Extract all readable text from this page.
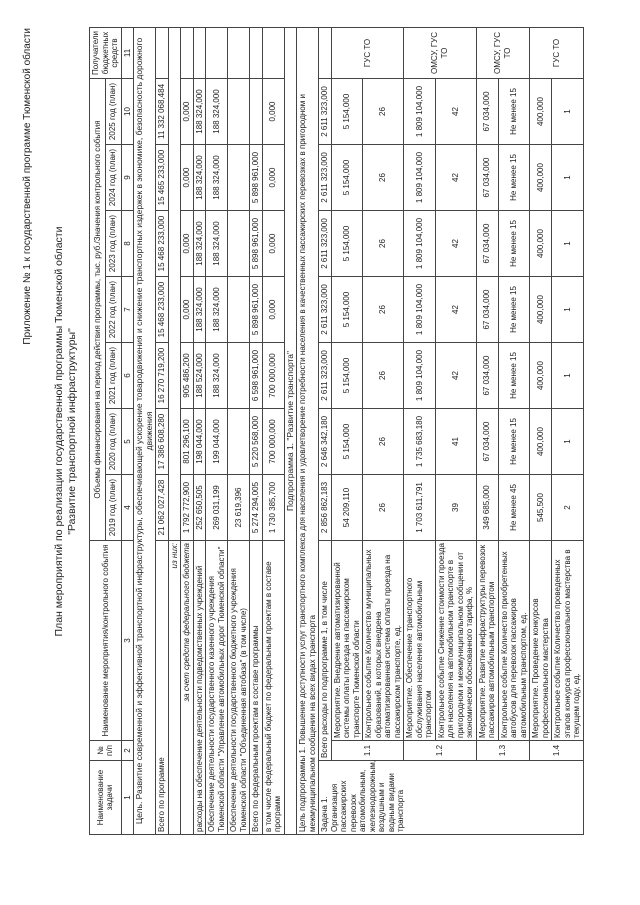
Приложение № 1 к государственной программе Тюменской области
План мероприятий по реализации государственной программы Тюменской области "Развитие транспортной инфраструктуры"
Наименование задачи	№ п/п	Наименование мероприятия/контрольного события	Объемы финансирования на период действия программы, тыс. руб./Значения контрольного события							Получатели бюджетных средств
			2019 год (план)	2020 год (план)	2021 год (план)	2022 год (план)	2023 год (план)	2024 год (план)	2025 год (план)	
1	2	3	4	5	6	7	8	9	10	11
Цель. Развитие современной и эффективной транспортной инфраструктуры, обеспечивающей ускорение товародвижения и снижение транспортных издержек в экономике, безопасность дорожного движения										
Всего по программе			21 062 027,428	17 386 608,280	16 270 719,200	15 468 233,000	15 468 233,000	15 465 233,000	11 332 068,484	
из них:										
за счет средств федерального бюджета			1 792 772,900	801 296,100	905 486,200	0,000	0,000	0,000	0,000	
расходы на обеспечение деятельности подведомственных учреждений			252 650,505	198 044,000	188 524,000	188 324,000	188 324,000	188 324,000	188 324,000	
Обеспечение деятельности государственного казенного учреждения Тюменской области "Управление автомобильных дорог Тюменской области"			269 031,199	199 044,000	188 324,000	188 324,000	188 324,000	188 324,000	188 324,000	
Обеспечение деятельности государственного бюджетного учреждения Тюменской области "Объединенная автобаза" (в том числе)			23 619,396							
Всего по федеральным проектам в составе программы			5 274 294,005	5 220 568,000	6 598 961,000	5 898 961,000	5 898 961,000	5 898 961,000		
в том числе федеральный бюджет по федеральным проектам в составе программ			1 730 385,700	700 000,000	700 000,000	0,000	0,000	0,000	0,000	
Подпрограмма 1. "Развитие транспорта"										
Цель подпрограммы 1. Повышение доступности услуг транспортного комплекса для населения и удовлетворение потребности населения в качественных пассажирских перевозках в пригородном и межмуниципальном сообщении на всех видах транспорта										
Задача 1. Организация пассажирских перевозок автомобильным, железнодорожным, воздушным и водным видами транспорта	Всего расходы по подпрограмме 1, в том числе		2 856 862,183	2 646 342,180	2 611 323,000	2 611 323,000	2 611 323,000	2 611 323,000	2 611 323,000	
	1.1	Мероприятие. Внедрение автоматизированной системы оплаты проезда на пассажирском транспорте Тюменской области	54 209,110	5 154,000	5 154,000	5 154,000	5 154,000	5 154,000	5 154,000	ГУС ТО
		Контрольное событие Количество муниципальных образований, в которых внедрена автоматизированная система оплаты проезда на пассажирском транспорте, ед.	26	26	26	26	26	26	26	
	1.2	Мероприятие. Обеспечение транспортного обслуживания населения автомобильным транспортом	1 703 611,791	1 735 683,180	1 809 104,000	1 809 104,000	1 809 104,000	1 809 104,000	1 809 104,000	ОМСУ, ГУС ТО
		Контрольное событие Снижение стоимости проезда для населения на автомобильном транспорте в пригородном и межмуниципальном сообщении от экономически обоснованного тарифа, %	39	41	42	42	42	42	42	
	1.3	Мероприятие. Развитие инфраструктуры перевозок пассажиров автомобильным транспортом	349 685,000	67 034,000	67 034,000	67 034,000	67 034,000	67 034,000	67 034,000	ОМСУ, ГУС ТО
		Контрольное событие Количество приобретенных автобусов для перевозок пассажиров автомобильным транспортом, ед.	Не менее 45	Не менее 15	Не менее 15	Не менее 15	Не менее 15	Не менее 15	Не менее 15	
	1.4	Мероприятие. Проведение конкурсов профессионального мастерства	545,500	400,000	400,000	400,000	400,000	400,000	400,000	ГУС ТО
		Контрольное событие Количество проведенных этапов конкурса профессионального мастерства в текущем году, ед.	2	1	1	1	1	1	1	
